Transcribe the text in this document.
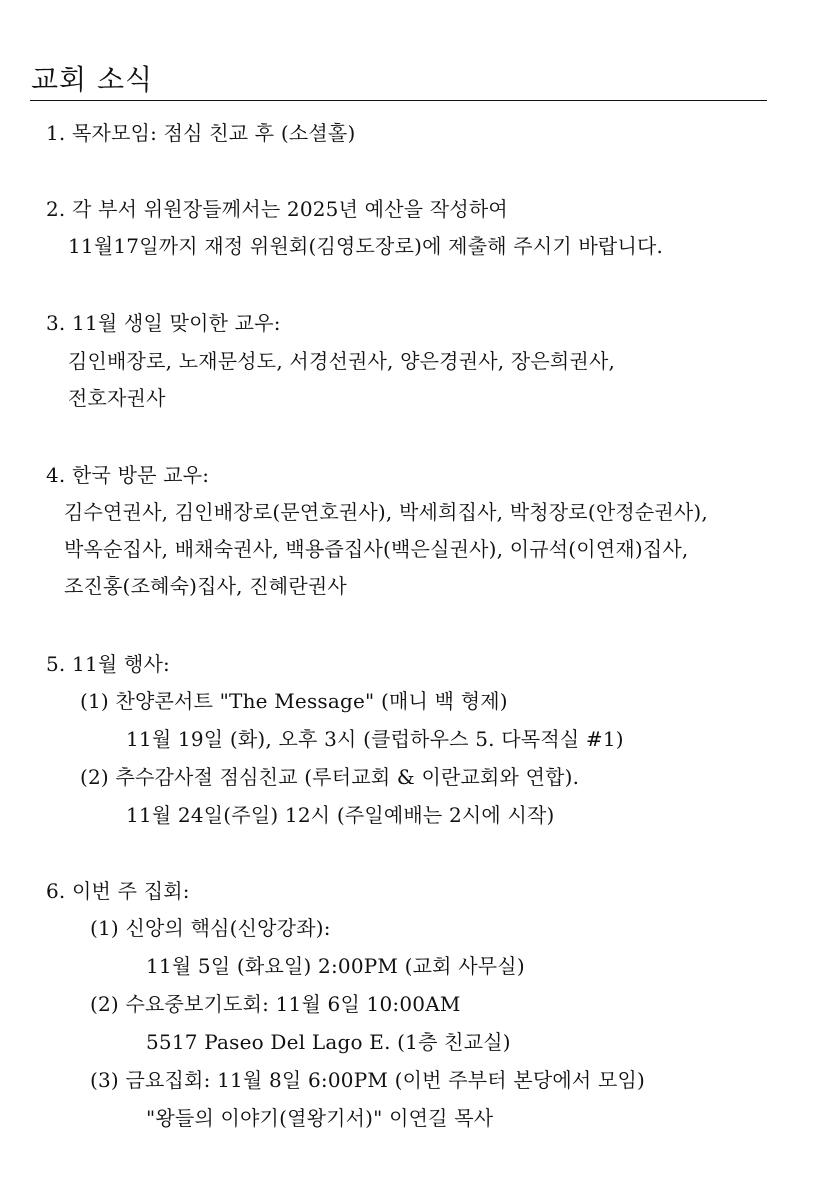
교회 소식
1. 목자모임: 점심 친교 후 (소셜홀)
2. 각 부서 위원장들께서는 2025년 예산을 작성하여
11월17일까지 재정 위원회(김영도장로)에 제출해 주시기 바랍니다.
3. 11월 생일 맞이한 교우:
김인배장로, 노재문성도, 서경선권사, 양은경권사, 장은희권사,
전호자권사
4. 한국 방문 교우:
김수연권사, 김인배장로(문연호권사), 박세희집사, 박청장로(안정순권사),
박옥순집사, 배채숙권사, 백용즙집사(백은실권사), 이규석(이연재)집사,
조진홍(조혜숙)집사, 진혜란권사
5. 11월 행사:
(1) 찬양콘서트 "The Message" (매니 백 형제)
11월 19일 (화), 오후 3시 (클럽하우스 5. 다목적실 #1)
(2) 추수감사절 점심친교 (루터교회 & 이란교회와 연합).
11월 24일(주일) 12시 (주일예배는 2시에 시작)
6. 이번 주 집회:
(1) 신앙의 핵심(신앙강좌):
11월 5일 (화요일) 2:00PM (교회 사무실)
(2) 수요중보기도회: 11월 6일 10:00AM
5517 Paseo Del Lago E. (1층 친교실)
(3) 금요집회: 11월 8일 6:00PM (이번 주부터 본당에서 모임)
"왕들의 이야기(열왕기서)" 이연길 목사
